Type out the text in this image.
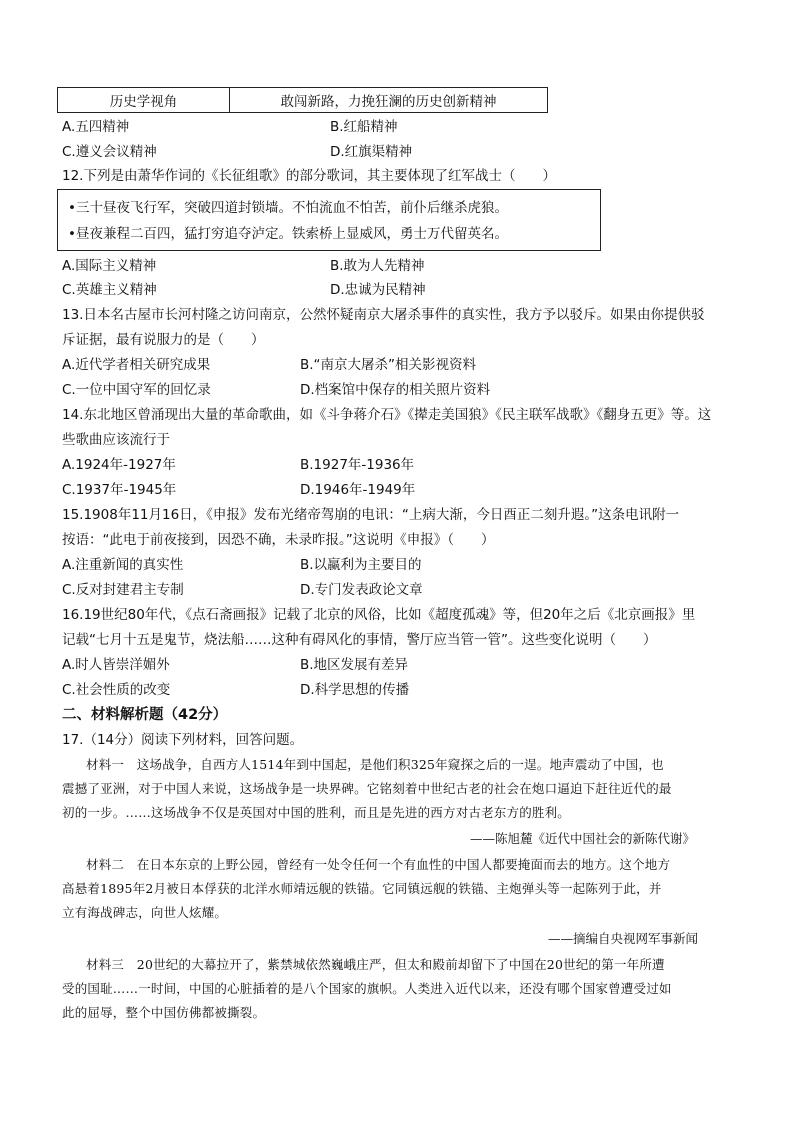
历史学视角	敢闯新路，力挽狂澜的历史创新精神
A.五四精神	B.红船精神
C.遵义会议精神	D.红旗渠精神
12.下列是由萧华作词的《长征组歌》的部分歌词，其主要体现了红军战士（　　）
•三十昼夜飞行军，突破四道封锁墙。不怕流血不怕苦，前仆后继杀虎狼。
•昼夜兼程二百四，猛打穷追夺泸定。铁索桥上显威风，勇士万代留英名。
A.国际主义精神	B.敢为人先精神
C.英雄主义精神	D.忠诚为民精神
13.日本名古屋市长河村隆之访问南京，公然怀疑南京大屠杀事件的真实性，我方予以驳斥。如果由你提供驳
斥证据，最有说服力的是（　　）
A.近代学者相关研究成果	B.“南京大屠杀”相关影视资料
C.一位中国守军的回忆录	D.档案馆中保存的相关照片资料
14.东北地区曾涌现出大量的革命歌曲，如《斗争蒋介石》《撵走美国狼》《民主联军战歌》《翻身五更》等。这
些歌曲应该流行于
A.1924年-1927年	B.1927年-1936年
C.1937年-1945年	D.1946年-1949年
15.1908年11月16日，《申报》发布光绪帝驾崩的电讯：“上病大渐，今日酉正二刻升遐。”这条电讯附一
按语：“此电于前夜接到，因恐不确，未录昨报。”这说明《申报》（　　）
A.注重新闻的真实性	B.以赢利为主要目的
C.反对封建君主专制	D.专门发表政论文章
16.19世纪80年代，《点石斋画报》记载了北京的风俗，比如《超度孤魂》等，但20年之后《北京画报》里
记载“七月十五是鬼节，烧法船……这种有碍风化的事情，警厅应当管一管”。这些变化说明（　　）
A.时人皆崇洋媚外	B.地区发展有差异
C.社会性质的改变	D.科学思想的传播
二、材料解析题（42分）
17.（14分）阅读下列材料，回答问题。
材料一　这场战争，自西方人1514年到中国起，是他们积325年窥探之后的一逞。地声震动了中国，也
震撼了亚洲，对于中国人来说，这场战争是一块界碑。它铭刻着中世纪古老的社会在炮口逼迫下赶往近代的最
初的一步。……这场战争不仅是英国对中国的胜利，而且是先进的西方对古老东方的胜利。
——陈旭麓《近代中国社会的新陈代谢》
材料二　在日本东京的上野公园，曾经有一处令任何一个有血性的中国人都要掩面而去的地方。这个地方
高悬着1895年2月被日本俘获的北洋水师靖远舰的铁锚。它同镇远舰的铁锚、主炮弹头等一起陈列于此，并
立有海战碑志，向世人炫耀。
——摘编自央视网军事新闻
材料三　20世纪的大幕拉开了，紫禁城依然巍峨庄严，但太和殿前却留下了中国在20世纪的第一年所遭
受的国耻……一时间，中国的心脏插着的是八个国家的旗帜。人类进入近代以来，还没有哪个国家曾遭受过如
此的屈辱，整个中国仿佛都被撕裂。
